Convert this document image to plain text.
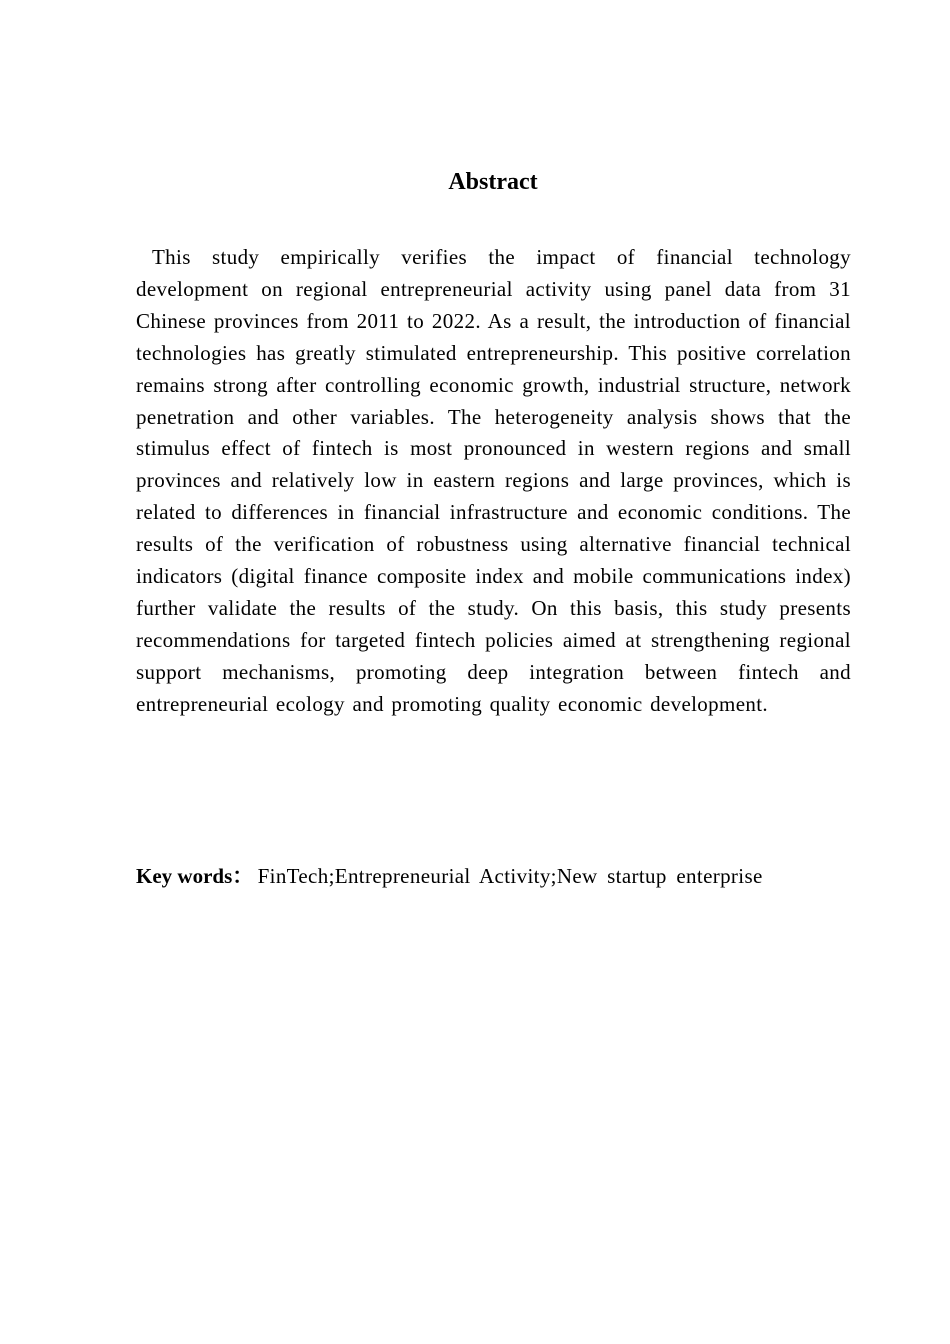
Abstract

This study empirically verifies the impact of financial technology development on regional entrepreneurial activity using panel data from 31 Chinese provinces from 2011 to 2022. As a result, the introduction of financial technologies has greatly stimulated entrepreneurship. This positive correlation remains strong after controlling economic growth, industrial structure, network penetration and other variables. The heterogeneity analysis shows that the stimulus effect of fintech is most pronounced in western regions and small provinces and relatively low in eastern regions and large provinces, which is related to differences in financial infrastructure and economic conditions. The results of the verification of robustness using alternative financial technical indicators (digital finance composite index and mobile communications index) further validate the results of the study. On this basis, this study presents recommendations for targeted fintech policies aimed at strengthening regional support mechanisms, promoting deep integration between fintech and entrepreneurial ecology and promoting quality economic development.

Key words： FinTech;Entrepreneurial Activity;New startup enterprise
